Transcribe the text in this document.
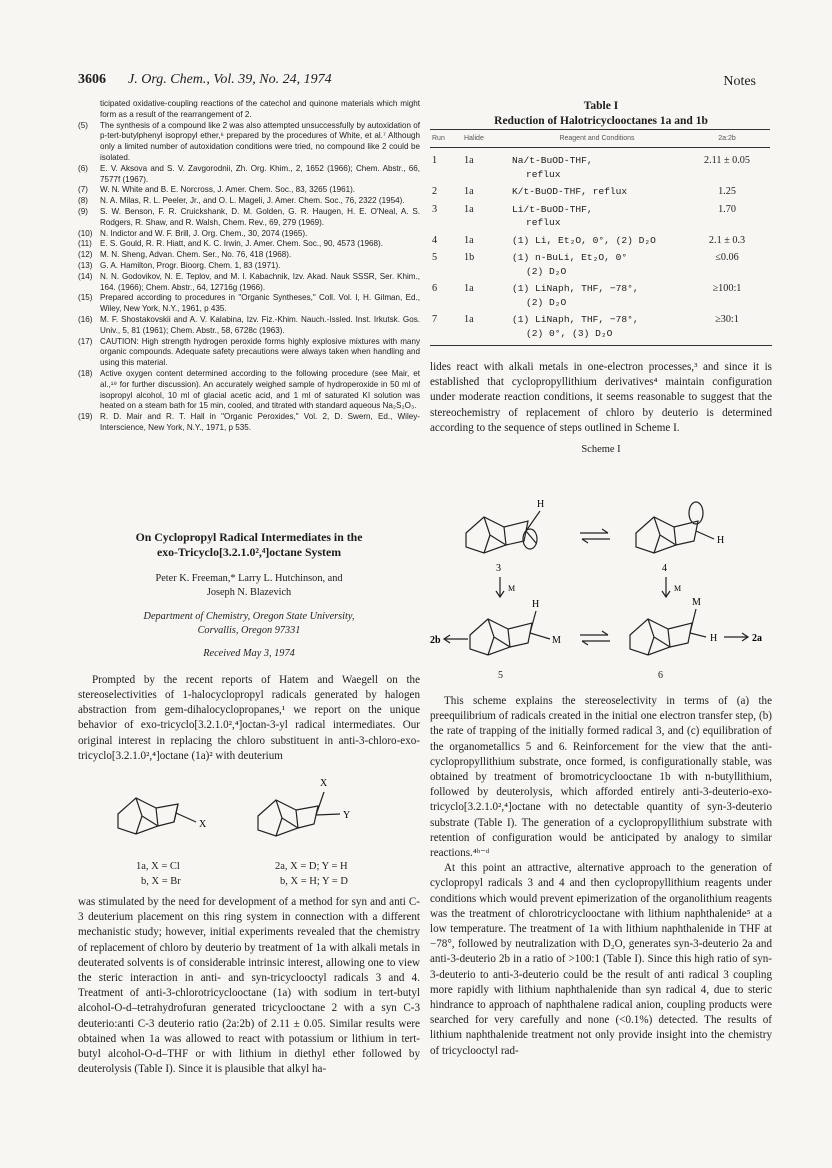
3606 J. Org. Chem., Vol. 39, No. 24, 1974	Notes
ticipated oxidative-coupling reactions of the catechol and quinone materials which might form as a result of the rearrangement of 2.
(5) The synthesis of a compound like 2 was also attempted unsuccessfully by autoxidation of p-tert-butylphenyl isopropyl ether,⁶ prepared by the procedures of White, et al.⁷ Although only a limited number of autoxidation conditions were tried, no compound like 2 could be isolated.
(6) E. V. Aksova and S. V. Zavgorodnii, Zh. Org. Khim., 2, 1652 (1966); Chem. Abstr., 66, 7577f (1967).
(7) W. N. White and B. E. Norcross, J. Amer. Chem. Soc., 83, 3265 (1961).
(8) N. A. Milas, R. L. Peeler, Jr., and O. L. Mageli, J. Amer. Chem. Soc., 76, 2322 (1954).
(9) S. W. Benson, F. R. Cruickshank, D. M. Golden, G. R. Haugen, H. E. O'Neal, A. S. Rodgers, R. Shaw, and R. Walsh, Chem. Rev., 69, 279 (1969).
(10) N. Indictor and W. F. Brill, J. Org. Chem., 30, 2074 (1965).
(11) E. S. Gould, R. R. Hiatt, and K. C. Irwin, J. Amer. Chem. Soc., 90, 4573 (1968).
(12) M. N. Sheng, Advan. Chem. Ser., No. 76, 418 (1968).
(13) G. A. Hamilton, Progr. Bioorg. Chem. 1, 83 (1971).
(14) N. N. Godovikov, N. E. Teplov, and M. I. Kabachnik, Izv. Akad. Nauk SSSR, Ser. Khim., 164. (1966); Chem. Abstr., 64, 12716g (1966).
(15) Prepared according to procedures in "Organic Syntheses," Coll. Vol. I, H. Gilman, Ed., Wiley, New York, N.Y., 1961, p 435.
(16) M. F. Shostakovskii and A. V. Kalabina, Izv. Fiz.-Khim. Nauch.-Issled. Inst. Irkutsk. Gos. Univ., 5, 81 (1961); Chem. Abstr., 58, 6728c (1963).
(17) CAUTION: High strength hydrogen peroxide forms highly explosive mixtures with many organic compounds. Adequate safety precautions were always taken when handling and using this material.
(18) Active oxygen content determined according to the following procedure (see Mair, et al.,¹⁹ for further discussion). An accurately weighed sample of hydroperoxide in 50 ml of isopropyl alcohol, 10 ml of glacial acetic acid, and 1 ml of saturated KI solution was heated on a steam bath for 15 min, cooled, and titrated with standard aqueous Na₂S₂O₃.
(19) R. D. Mair and R. T. Hall in "Organic Peroxides," Vol. 2, D. Swern, Ed., Wiley-Interscience, New York, N.Y., 1971, p 535.
On Cyclopropyl Radical Intermediates in the
exo-Tricyclo[3.2.1.0²,⁴]octane System
Peter K. Freeman,* Larry L. Hutchinson, and
Joseph N. Blazevich
Department of Chemistry, Oregon State University,
Corvallis, Oregon 97331
Received May 3, 1974

Prompted by the recent reports of Hatem and Waegell on the stereoselectivities of 1-halocyclopropyl radicals generated by halogen abstraction from gem-dihalocyclopropanes,¹ we report on the unique behavior of exo-tricyclo[3.2.1.0²,⁴]octan-3-yl radical intermediates. Our original interest in replacing the chloro substituent in anti-3-chloro-exo-tricyclo[3.2.1.0²,⁴]octane (1a)² with deuterium

X
X
Y
1a, X = Cl
b, X = Br
2a, X = D; Y = H
b, X = H; Y = D

was stimulated by the need for development of a method for syn and anti C-3 deuterium placement on this ring system in connection with a different mechanistic study; however, initial experiments revealed that the chemistry of replacement of chloro by deuterio by treatment of 1a with alkali metals in deuterated solvents is of considerable intrinsic interest, allowing one to view the steric interaction in anti- and syn-tricyclooctyl radicals 3 and 4. Treatment of anti-3-chlorotricyclooctane (1a) with sodium in tert-butyl alcohol-O-d–tetrahydrofuran generated tricyclooctane 2 with a syn C-3 deuterio:anti C-3 deuterio ratio (2a:2b) of 2.11 ± 0.05. Similar results were obtained when 1a was allowed to react with potassium or lithium in tert-butyl alcohol-O-d–THF or with lithium in diethyl ether followed by deuterolysis (Table I). Since it is plausible that alkyl ha-

Table I
Reduction of Halotricyclooctanes 1a and 1b
Run	Halide	Reagent and Conditions	2a:2b
1	1a	Na/t-BuOD-THF,
reflux	2.11 ± 0.05
2	1a	K/t-BuOD-THF, reflux	1.25
3	1a	Li/t-BuOD-THF,
reflux	1.70
4	1a	(1) Li, Et₂O, 0°, (2) D₂O	2.1 ± 0.3
5	1b	(1) n-BuLi, Et₂O, 0°
(2) D₂O	≤0.06
6	1a	(1) LiNaph, THF, −78°,
(2) D₂O	≥100:1
7	1a	(1) LiNaph, THF, −78°,
(2) 0°, (3) D₂O	≥30:1

lides react with alkali metals in one-electron processes,³ and since it is established that cyclopropyllithium derivatives⁴ maintain configuration under moderate reaction conditions, it seems reasonable to suggest that the stereochemistry of replacement of chloro by deuterio is determined according to the sequence of steps outlined in Scheme I.

Scheme I
H
3
H
4
M	M
H
M
2b
M
H	2a
5	6

This scheme explains the stereoselectivity in terms of (a) the preequilibrium of radicals created in the initial one electron transfer step, (b) the rate of trapping of the initially formed radical 3, and (c) equilibration of the organometallics 5 and 6. Reinforcement for the view that the anti-cyclopropyllithium substrate, once formed, is configurationally stable, was obtained by treatment of bromotricyclooctane 1b with n-butyllithium, followed by deuterolysis, which afforded entirely anti-3-deuterio-exo-tricyclo[3.2.1.0²,⁴]octane with no detectable quantity of syn-3-deuterio substrate (Table I). The generation of a cyclopropyllithium substrate with retention of configuration would be anticipated by analogy to similar reactions.⁴ᵇ⁻ᵈ

At this point an attractive, alternative approach to the generation of cyclopropyl radicals 3 and 4 and then cyclopropyllithium reagents under conditions which would prevent epimerization of the organolithium reagents was the treatment of chlorotricyclooctane with lithium naphthalenide⁵ at a low temperature. The treatment of 1a with lithium naphthalenide in THF at −78°, followed by neutralization with D₂O, generates syn-3-deuterio 2a and anti-3-deuterio 2b in a ratio of >100:1 (Table I). Since this high ratio of syn-3-deuterio to anti-3-deuterio could be the result of anti radical 3 coupling more rapidly with lithium naphthalenide than syn radical 4, due to steric hindrance to approach of naphthalene radical anion, coupling products were searched for very carefully and none (<0.1%) detected. The results of lithium naphthalenide treatment not only provide insight into the chemistry of tricyclooctyl rad-
